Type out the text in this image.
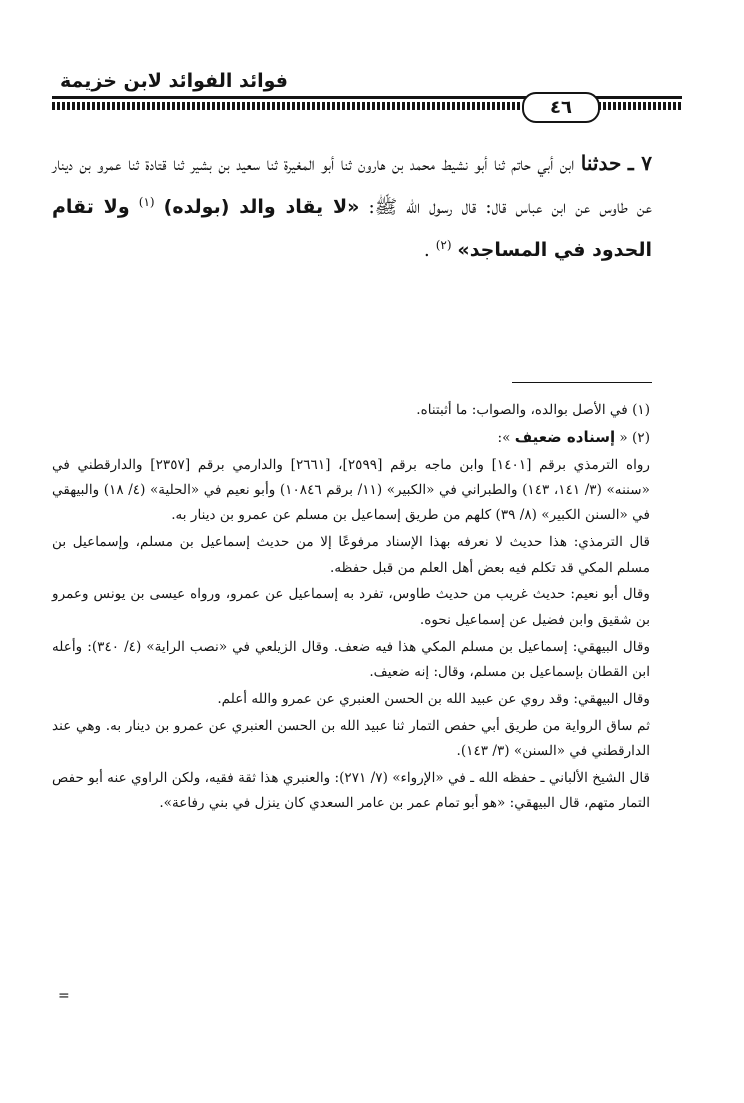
فوائد الفوائد لابن خزيمة
٤٦
٧ ـ حدثنا ابن أبي حاتم ثنا أبو نشيط محمد بن هارون ثنا أبو المغيرة ثنا سعيد بن بشير ثنا قتادة ثنا عمرو بن دينار عن طاوس عن ابن عباس قال: قال رسول الله ﷺ: «لا يقاد والد (بولده) $^{(١)}$ ولا تقام الحدود في المساجد» $^{(٢)}$ .

(١) في الأصل بوالده، والصواب: ما أثبتناه.

(٢) « إسناده ضعيف »:

رواه الترمذي برقم [١٤٠١] وابن ماجه برقم [٢٥٩٩]، [٢٦٦١] والدارمي برقم [٢٣٥٧] والدارقطني في «سننه» (٣/ ١٤١، ١٤٣) والطبراني في «الكبير» (١١/ برقم ١٠٨٤٦) وأبو نعيم في «الحلية» (٤/ ١٨) والبيهقي في «السنن الكبير» (٨/ ٣٩) كلهم من طريق إسماعيل بن مسلم عن عمرو بن دينار به.

قال الترمذي: هذا حديث لا نعرفه بهذا الإسناد مرفوعًا إلا من حديث إسماعيل بن مسلم، وإسماعيل بن مسلم المكي قد تكلم فيه بعض أهل العلم من قبل حفظه.

وقال أبو نعيم: حديث غريب من حديث طاوس، تفرد به إسماعيل عن عمرو، ورواه عيسى بن يونس وعمرو بن شقيق وابن فضيل عن إسماعيل نحوه.

وقال البيهقي: إسماعيل بن مسلم المكي هذا فيه ضعف. وقال الزيلعي في «نصب الراية» (٤/ ٣٤٠): وأعله ابن القطان بإسماعيل بن مسلم، وقال: إنه ضعيف.

وقال البيهقي: وقد روي عن عبيد الله بن الحسن العنبري عن عمرو والله أعلم.

ثم ساق الرواية من طريق أبي حفص التمار ثنا عبيد الله بن الحسن العنبري عن عمرو بن دينار به. وهي عند الدارقطني في «السنن» (٣/ ١٤٣).

قال الشيخ الألباني ـ حفظه الله ـ في «الإرواء» (٧/ ٢٧١): والعنبري هذا ثقة فقيه، ولكن الراوي عنه أبو حفص التمار متهم، قال البيهقي: «هو أبو تمام عمر بن عامر السعدي كان ينزل في بني رفاعة».

=
